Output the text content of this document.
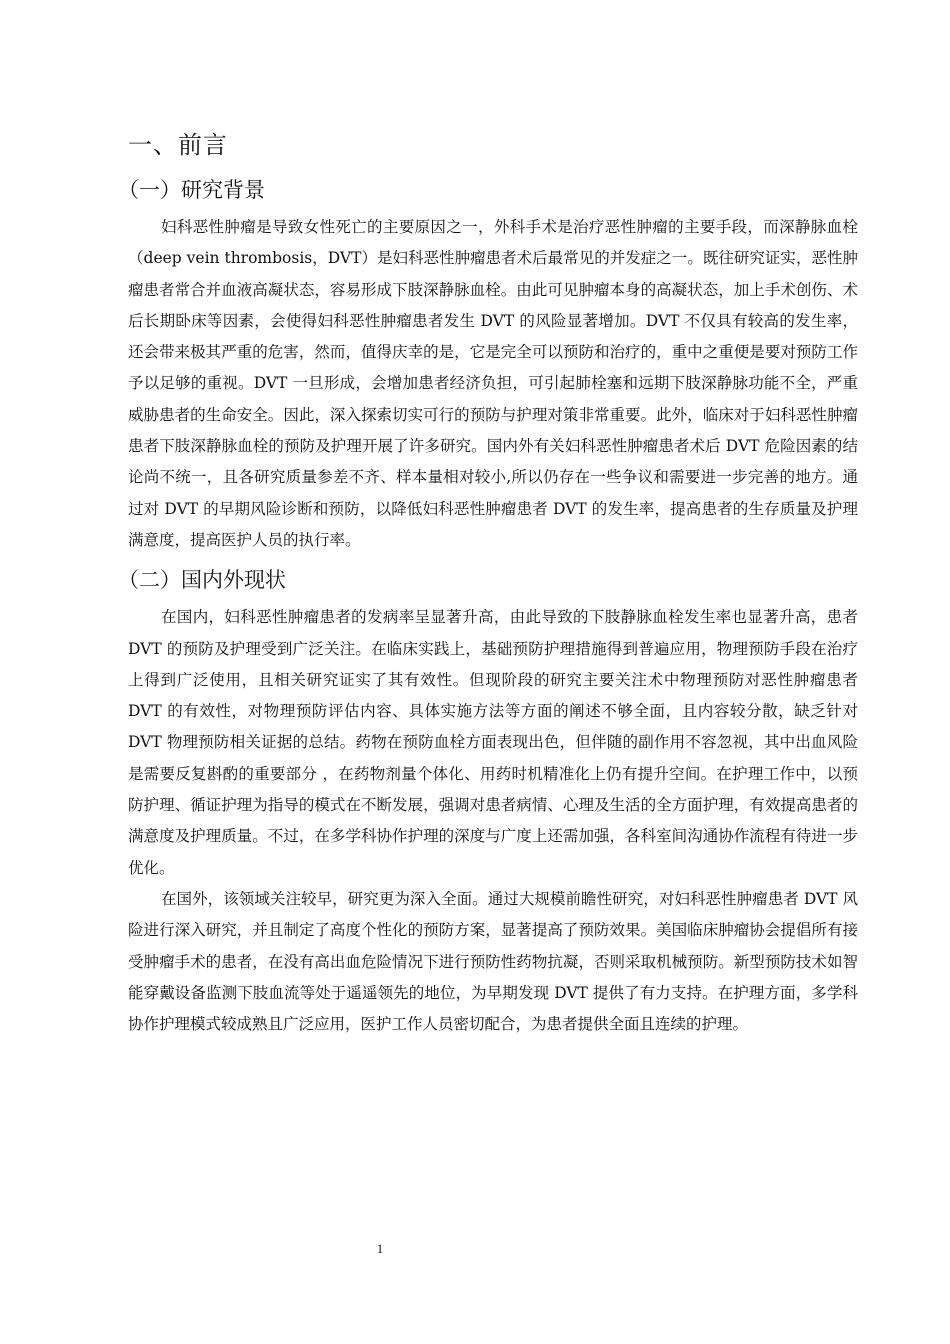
一、前言
（一）研究背景

妇科恶性肿瘤是导致女性死亡的主要原因之一，外科手术是治疗恶性肿瘤的主要手段，而深静脉血栓（deep vein thrombosis，DVT）是妇科恶性肿瘤患者术后最常见的并发症之一。既往研究证实，恶性肿瘤患者常合并血液高凝状态，容易形成下肢深静脉血栓。由此可见肿瘤本身的高凝状态，加上手术创伤、术后长期卧床等因素，会使得妇科恶性肿瘤患者发生 DVT 的风险显著增加。DVT 不仅具有较高的发生率，还会带来极其严重的危害，然而，值得庆幸的是，它是完全可以预防和治疗的，重中之重便是要对预防工作予以足够的重视。DVT 一旦形成，会增加患者经济负担，可引起肺栓塞和远期下肢深静脉功能不全，严重威胁患者的生命安全。因此，深入探索切实可行的预防与护理对策非常重要。此外，临床对于妇科恶性肿瘤患者下肢深静脉血栓的预防及护理开展了许多研究。国内外有关妇科恶性肿瘤患者术后 DVT 危险因素的结论尚不统一，且各研究质量参差不齐、样本量相对较小,所以仍存在一些争议和需要进一步完善的地方。通过对 DVT 的早期风险诊断和预防，以降低妇科恶性肿瘤患者 DVT 的发生率，提高患者的生存质量及护理满意度，提高医护人员的执行率。

（二）国内外现状

在国内，妇科恶性肿瘤患者的发病率呈显著升高，由此导致的下肢静脉血栓发生率也显著升高，患者 DVT 的预防及护理受到广泛关注。在临床实践上，基础预防护理措施得到普遍应用，物理预防手段在治疗上得到广泛使用，且相关研究证实了其有效性。但现阶段的研究主要关注术中物理预防对恶性肿瘤患者 DVT 的有效性，对物理预防评估内容、具体实施方法等方面的阐述不够全面，且内容较分散，缺乏针对 DVT 物理预防相关证据的总结。药物在预防血栓方面表现出色，但伴随的副作用不容忽视，其中出血风险是需要反复斟酌的重要部分 ，在药物剂量个体化、用药时机精准化上仍有提升空间。在护理工作中，以预防护理、循证护理为指导的模式在不断发展，强调对患者病情、心理及生活的全方面护理，有效提高患者的满意度及护理质量。不过，在多学科协作护理的深度与广度上还需加强，各科室间沟通协作流程有待进一步优化。

在国外，该领域关注较早，研究更为深入全面。通过大规模前瞻性研究，对妇科恶性肿瘤患者 DVT 风险进行深入研究，并且制定了高度个性化的预防方案，显著提高了预防效果。美国临床肿瘤协会提倡所有接受肿瘤手术的患者，在没有高出血危险情况下进行预防性药物抗凝，否则采取机械预防。新型预防技术如智能穿戴设备监测下肢血流等处于遥遥领先的地位，为早期发现 DVT 提供了有力支持。在护理方面，多学科协作护理模式较成熟且广泛应用，医护工作人员密切配合，为患者提供全面且连续的护理。

1
